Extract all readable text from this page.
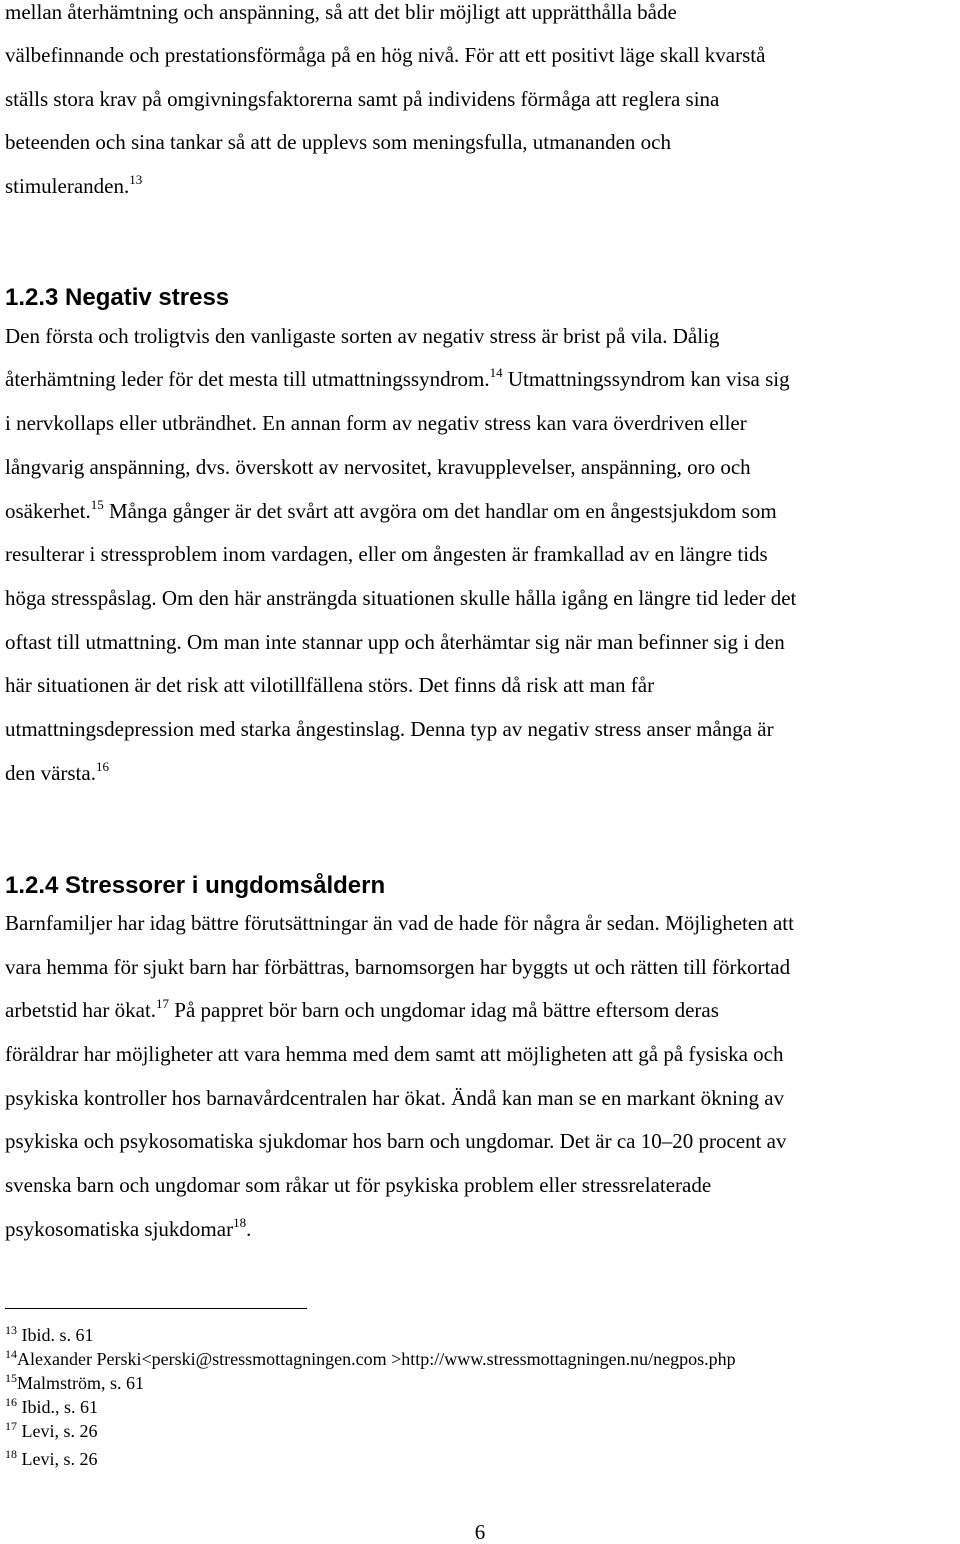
mellan återhämtning och anspänning, så att det blir möjligt att upprätthålla både
välbefinnande och prestationsförmåga på en hög nivå. För att ett positivt läge skall kvarstå
ställs stora krav på omgivningsfaktorerna samt på individens förmåga att reglera sina
beteenden och sina tankar så att de upplevs som meningsfulla, utmananden och
stimuleranden.$^{13}$
1.2.3 Negativ stress
Den första och troligtvis den vanligaste sorten av negativ stress är brist på vila. Dålig
återhämtning leder för det mesta till utmattningssyndrom.$^{14}$ Utmattningssyndrom kan visa sig
i nervkollaps eller utbrändhet. En annan form av negativ stress kan vara överdriven eller
långvarig anspänning, dvs. överskott av nervositet, kravupplevelser, anspänning, oro och
osäkerhet.$^{15}$ Många gånger är det svårt att avgöra om det handlar om en ångestsjukdom som
resulterar i stressproblem inom vardagen, eller om ångesten är framkallad av en längre tids
höga stresspåslag. Om den här ansträngda situationen skulle hålla igång en längre tid leder det
oftast till utmattning. Om man inte stannar upp och återhämtar sig när man befinner sig i den
här situationen är det risk att vilotillfällena störs. Det finns då risk att man får
utmattningsdepression med starka ångestinslag. Denna typ av negativ stress anser många är
den värsta.$^{16}$
1.2.4 Stressorer i ungdomsåldern
Barnfamiljer har idag bättre förutsättningar än vad de hade för några år sedan. Möjligheten att
vara hemma för sjukt barn har förbättras, barnomsorgen har byggts ut och rätten till förkortad
arbetstid har ökat.$^{17}$ På pappret bör barn och ungdomar idag må bättre eftersom deras
föräldrar har möjligheter att vara hemma med dem samt att möjligheten att gå på fysiska och
psykiska kontroller hos barnavårdcentralen har ökat. Ändå kan man se en markant ökning av
psykiska och psykosomatiska sjukdomar hos barn och ungdomar. Det är ca 10–20 procent av
svenska barn och ungdomar som råkar ut för psykiska problem eller stressrelaterade
psykosomatiska sjukdomar$^{18}$.
$^{13}$ Ibid. s. 61
$^{14}$Alexander Perski<perski@stressmottagningen.com >http://www.stressmottagningen.nu/negpos.php
$^{15}$Malmström, s. 61
$^{16}$ Ibid., s. 61
$^{17}$ Levi, s. 26
$^{18}$ Levi, s. 26
6
